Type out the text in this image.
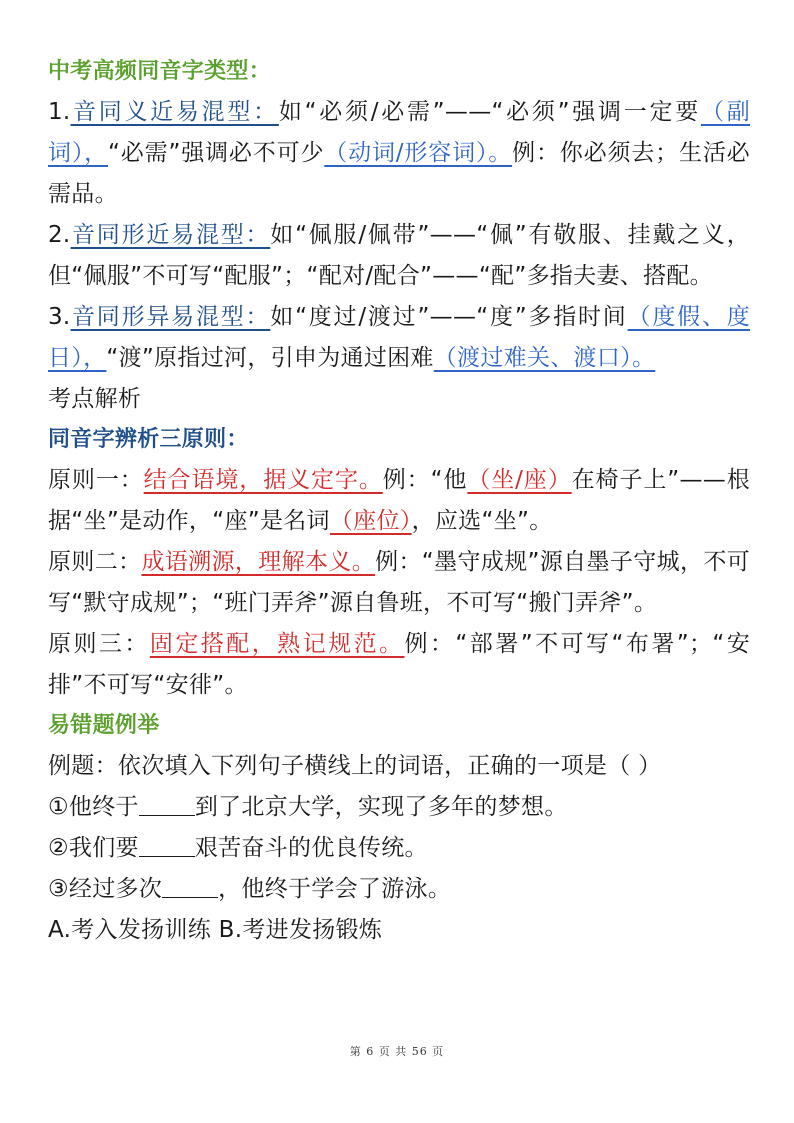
中考高频同音字类型：

1.音同义近易混型：如“必须/必需”——“必须”强调一定要（副词），“必需”强调必不可少（动词/形容词）。例：你必须去；生活必需品。

2.音同形近易混型：如“佩服/佩带”——“佩”有敬服、挂戴之义，但“佩服”不可写“配服”；“配对/配合”——“配”多指夫妻、搭配。

3.音同形异易混型：如“度过/渡过”——“度”多指时间（度假、度日），“渡”原指过河，引申为通过困难（渡过难关、渡口）。

考点解析

同音字辨析三原则：

原则一：结合语境，据义定字。例：“他（坐/座）在椅子上”——根据“坐”是动作，“座”是名词（座位），应选“坐”。

原则二：成语溯源，理解本义。例：“墨守成规”源自墨子守城，不可写“默守成规”；“班门弄斧”源自鲁班，不可写“搬门弄斧”。

原则三：固定搭配，熟记规范。例：“部署”不可写“布署”；“安排”不可写“安徘”。

易错题例举

例题：依次填入下列句子横线上的词语，正确的一项是（ ）

①他终于 到了北京大学，实现了多年的梦想。

②我们要 艰苦奋斗的优良传统。

③经过多次 ，他终于学会了游泳。

A.考入发扬训练 B.考进发扬锻炼

第 6 页 共 56 页
